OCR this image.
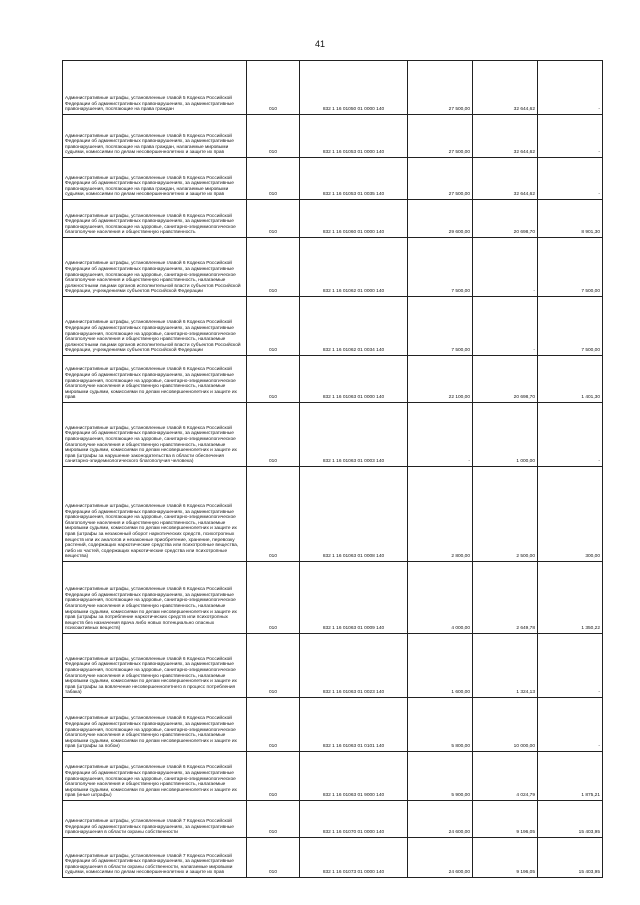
41
Административные штрафы, установленные главой 5 Кодекса Российской Федерации об административных правонарушениях, за административные правонарушения, посягающие на права граждан	010	832 1 16 01050 01 0000 140	27 500,00	32 644,62	-
Административные штрафы, установленные главой 5 Кодекса Российской Федерации об административных правонарушениях, за административные правонарушения, посягающие на права граждан, налагаемые мировыми судьями, комиссиями по делам несовершеннолетних и защите их прав	010	832 1 16 01053 01 0000 140	27 500,00	32 644,62	-
Административные штрафы, установленные главой 5 Кодекса Российской Федерации об административных правонарушениях, за административные правонарушения, посягающие на права граждан, налагаемые мировыми судьями, комиссиями по делам несовершеннолетних и защите их прав	010	832 1 16 01053 01 0035 140	27 500,00	32 644,62	-
Административные штрафы, установленные главой 6 Кодекса Российской Федерации об административных правонарушениях, за административные правонарушения, посягающие на здоровье, санитарно-эпидемиологическое благополучие населения и общественную нравственность	010	832 1 16 01060 01 0000 140	29 600,00	20 698,70	8 901,30
Административные штрафы, установленные главой 6 Кодекса Российской Федерации об административных правонарушениях, за административные правонарушения, посягающие на здоровье, санитарно-эпидемиологическое благополучие населения и общественную нравственность, налагаемые должностными лицами органов исполнительной власти субъектов Российской Федерации, учреждениями субъектов Российской Федерации	010	832 1 16 01062 01 0000 140	7 500,00	-	7 500,00
Административные штрафы, установленные главой 6 Кодекса Российской Федерации об административных правонарушениях, за административные правонарушения, посягающие на здоровье, санитарно-эпидемиологическое благополучие населения и общественную нравственность, налагаемые должностными лицами органов исполнительной власти субъектов Российской Федерации, учреждениями субъектов Российской Федерации	010	832 1 16 01062 01 0034 140	7 500,00	-	7 500,00
Административные штрафы, установленные главой 6 Кодекса Российской Федерации об административных правонарушениях, за административные правонарушения, посягающие на здоровье, санитарно-эпидемиологическое благополучие населения и общественную нравственность, налагаемые мировыми судьями, комиссиями по делам несовершеннолетних и защите их прав	010	832 1 16 01063 01 0000 140	22 100,00	20 698,70	1 401,30
Административные штрафы, установленные главой 6 Кодекса Российской Федерации об административных правонарушениях, за административные правонарушения, посягающие на здоровье, санитарно-эпидемиологическое благополучие населения и общественную нравственность, налагаемые мировыми судьями, комиссиями по делам несовершеннолетних и защите их прав (штрафы за нарушение законодательства в области обеспечения санитарно-эпидемиологического благополучия человека)	010	832 1 16 01063 01 0003 140	-	1 000,00	-
Административные штрафы, установленные главой 6 Кодекса Российской Федерации об административных правонарушениях, за административные правонарушения, посягающие на здоровье, санитарно-эпидемиологическое благополучие населения и общественную нравственность, налагаемые мировыми судьями, комиссиями по делам несовершеннолетних и защите их прав (штрафы за незаконный оборот наркотических средств, психотропных веществ или их аналогов и незаконные приобретение, хранение, перевозку растений, содержащих наркотические средства или психотропные вещества, либо их частей, содержащих наркотические средства или психотропные вещества)	010	832 1 16 01063 01 0008 140	2 800,00	2 500,00	300,00
Административные штрафы, установленные главой 6 Кодекса Российской Федерации об административных правонарушениях, за административные правонарушения, посягающие на здоровье, санитарно-эпидемиологическое благополучие населения и общественную нравственность, налагаемые мировыми судьями, комиссиями по делам несовершеннолетних и защите их прав (штрафы за потребление наркотических средств или психотропных веществ без назначения врача либо новых потенциально опасных психоактивных веществ)	010	832 1 16 01063 01 0009 140	4 000,00	2 649,78	1 350,22
Административные штрафы, установленные главой 6 Кодекса Российской Федерации об административных правонарушениях, за административные правонарушения, посягающие на здоровье, санитарно-эпидемиологическое благополучие населения и общественную нравственность, налагаемые мировыми судьями, комиссиями по делам несовершеннолетних и защите их прав (штрафы за вовлечение несовершеннолетнего в процесс потребления табака)	010	832 1 16 01063 01 0023 140	1 600,00	1 324,13	-
Административные штрафы, установленные главой 6 Кодекса Российской Федерации об административных правонарушениях, за административные правонарушения, посягающие на здоровье, санитарно-эпидемиологическое благополучие населения и общественную нравственность, налагаемые мировыми судьями, комиссиями по делам несовершеннолетних и защите их прав (штрафы за побои)	010	832 1 16 01063 01 0101 140	5 800,00	10 000,00	-
Административные штрафы, установленные главой 6 Кодекса Российской Федерации об административных правонарушениях, за административные правонарушения, посягающие на здоровье, санитарно-эпидемиологическое благополучие населения и общественную нравственность, налагаемые мировыми судьями, комиссиями по делам несовершеннолетних и защите их прав (иные штрафы)	010	832 1 16 01063 01 9000 140	5 900,00	4 024,79	1 875,21
Административные штрафы, установленные главой 7 Кодекса Российской Федерации об административных правонарушениях, за административные правонарушения в области охраны собственности	010	832 1 16 01070 01 0000 140	24 600,00	9 196,05	15 403,95
Административные штрафы, установленные главой 7 Кодекса Российской Федерации об административных правонарушениях, за административные правонарушения в области охраны собственности, налагаемые мировыми судьями, комиссиями по делам несовершеннолетних и защите их прав	010	832 1 16 01073 01 0000 140	24 600,00	9 196,05	15 403,95
